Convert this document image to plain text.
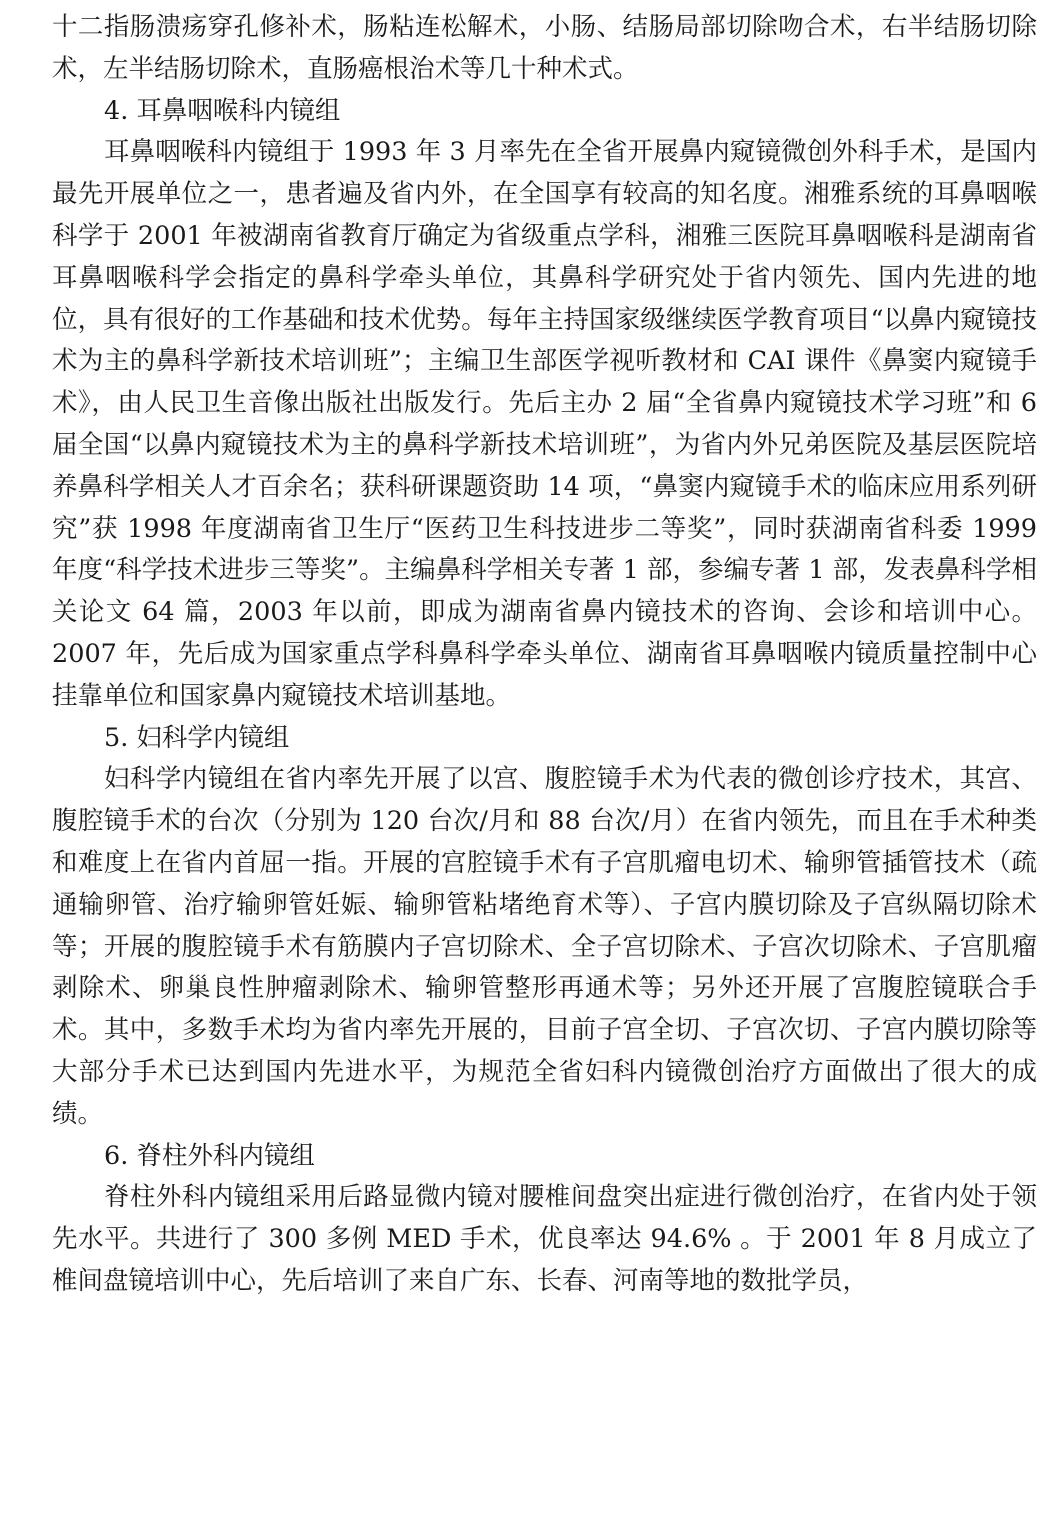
十二指肠溃疡穿孔修补术，肠粘连松解术，小肠、结肠局部切除吻合术，右半结肠切除术，左半结肠切除术，直肠癌根治术等几十种术式。

4. 耳鼻咽喉科内镜组

耳鼻咽喉科内镜组于 1993 年 3 月率先在全省开展鼻内窥镜微创外科手术，是国内最先开展单位之一，患者遍及省内外，在全国享有较高的知名度。湘雅系统的耳鼻咽喉科学于 2001 年被湖南省教育厅确定为省级重点学科，湘雅三医院耳鼻咽喉科是湖南省耳鼻咽喉科学会指定的鼻科学牵头单位，其鼻科学研究处于省内领先、国内先进的地位，具有很好的工作基础和技术优势。每年主持国家级继续医学教育项目“以鼻内窥镜技术为主的鼻科学新技术培训班”；主编卫生部医学视听教材和 CAI 课件《鼻窦内窥镜手术》，由人民卫生音像出版社出版发行。先后主办 2 届“全省鼻内窥镜技术学习班”和 6 届全国“以鼻内窥镜技术为主的鼻科学新技术培训班”，为省内外兄弟医院及基层医院培养鼻科学相关人才百余名；获科研课题资助 14 项，“鼻窦内窥镜手术的临床应用系列研究”获 1998 年度湖南省卫生厅“医药卫生科技进步二等奖”，同时获湖南省科委 1999 年度“科学技术进步三等奖”。主编鼻科学相关专著 1 部，参编专著 1 部，发表鼻科学相关论文 64 篇，2003 年以前，即成为湖南省鼻内镜技术的咨询、会诊和培训中心。2007 年，先后成为国家重点学科鼻科学牵头单位、湖南省耳鼻咽喉内镜质量控制中心挂靠单位和国家鼻内窥镜技术培训基地。

5. 妇科学内镜组

妇科学内镜组在省内率先开展了以宫、腹腔镜手术为代表的微创诊疗技术，其宫、腹腔镜手术的台次（分别为 120 台次/月和 88 台次/月）在省内领先，而且在手术种类和难度上在省内首屈一指。开展的宫腔镜手术有子宫肌瘤电切术、输卵管插管技术（疏通输卵管、治疗输卵管妊娠、输卵管粘堵绝育术等）、子宫内膜切除及子宫纵隔切除术等；开展的腹腔镜手术有筋膜内子宫切除术、全子宫切除术、子宫次切除术、子宫肌瘤剥除术、卵巢良性肿瘤剥除术、输卵管整形再通术等；另外还开展了宫腹腔镜联合手术。其中，多数手术均为省内率先开展的，目前子宫全切、子宫次切、子宫内膜切除等大部分手术已达到国内先进水平，为规范全省妇科内镜微创治疗方面做出了很大的成绩。

6. 脊柱外科内镜组

脊柱外科内镜组采用后路显微内镜对腰椎间盘突出症进行微创治疗，在省内处于领先水平。共进行了 300 多例 MED 手术，优良率达 94.6% 。于 2001 年 8 月成立了椎间盘镜培训中心，先后培训了来自广东、长春、河南等地的数批学员，
